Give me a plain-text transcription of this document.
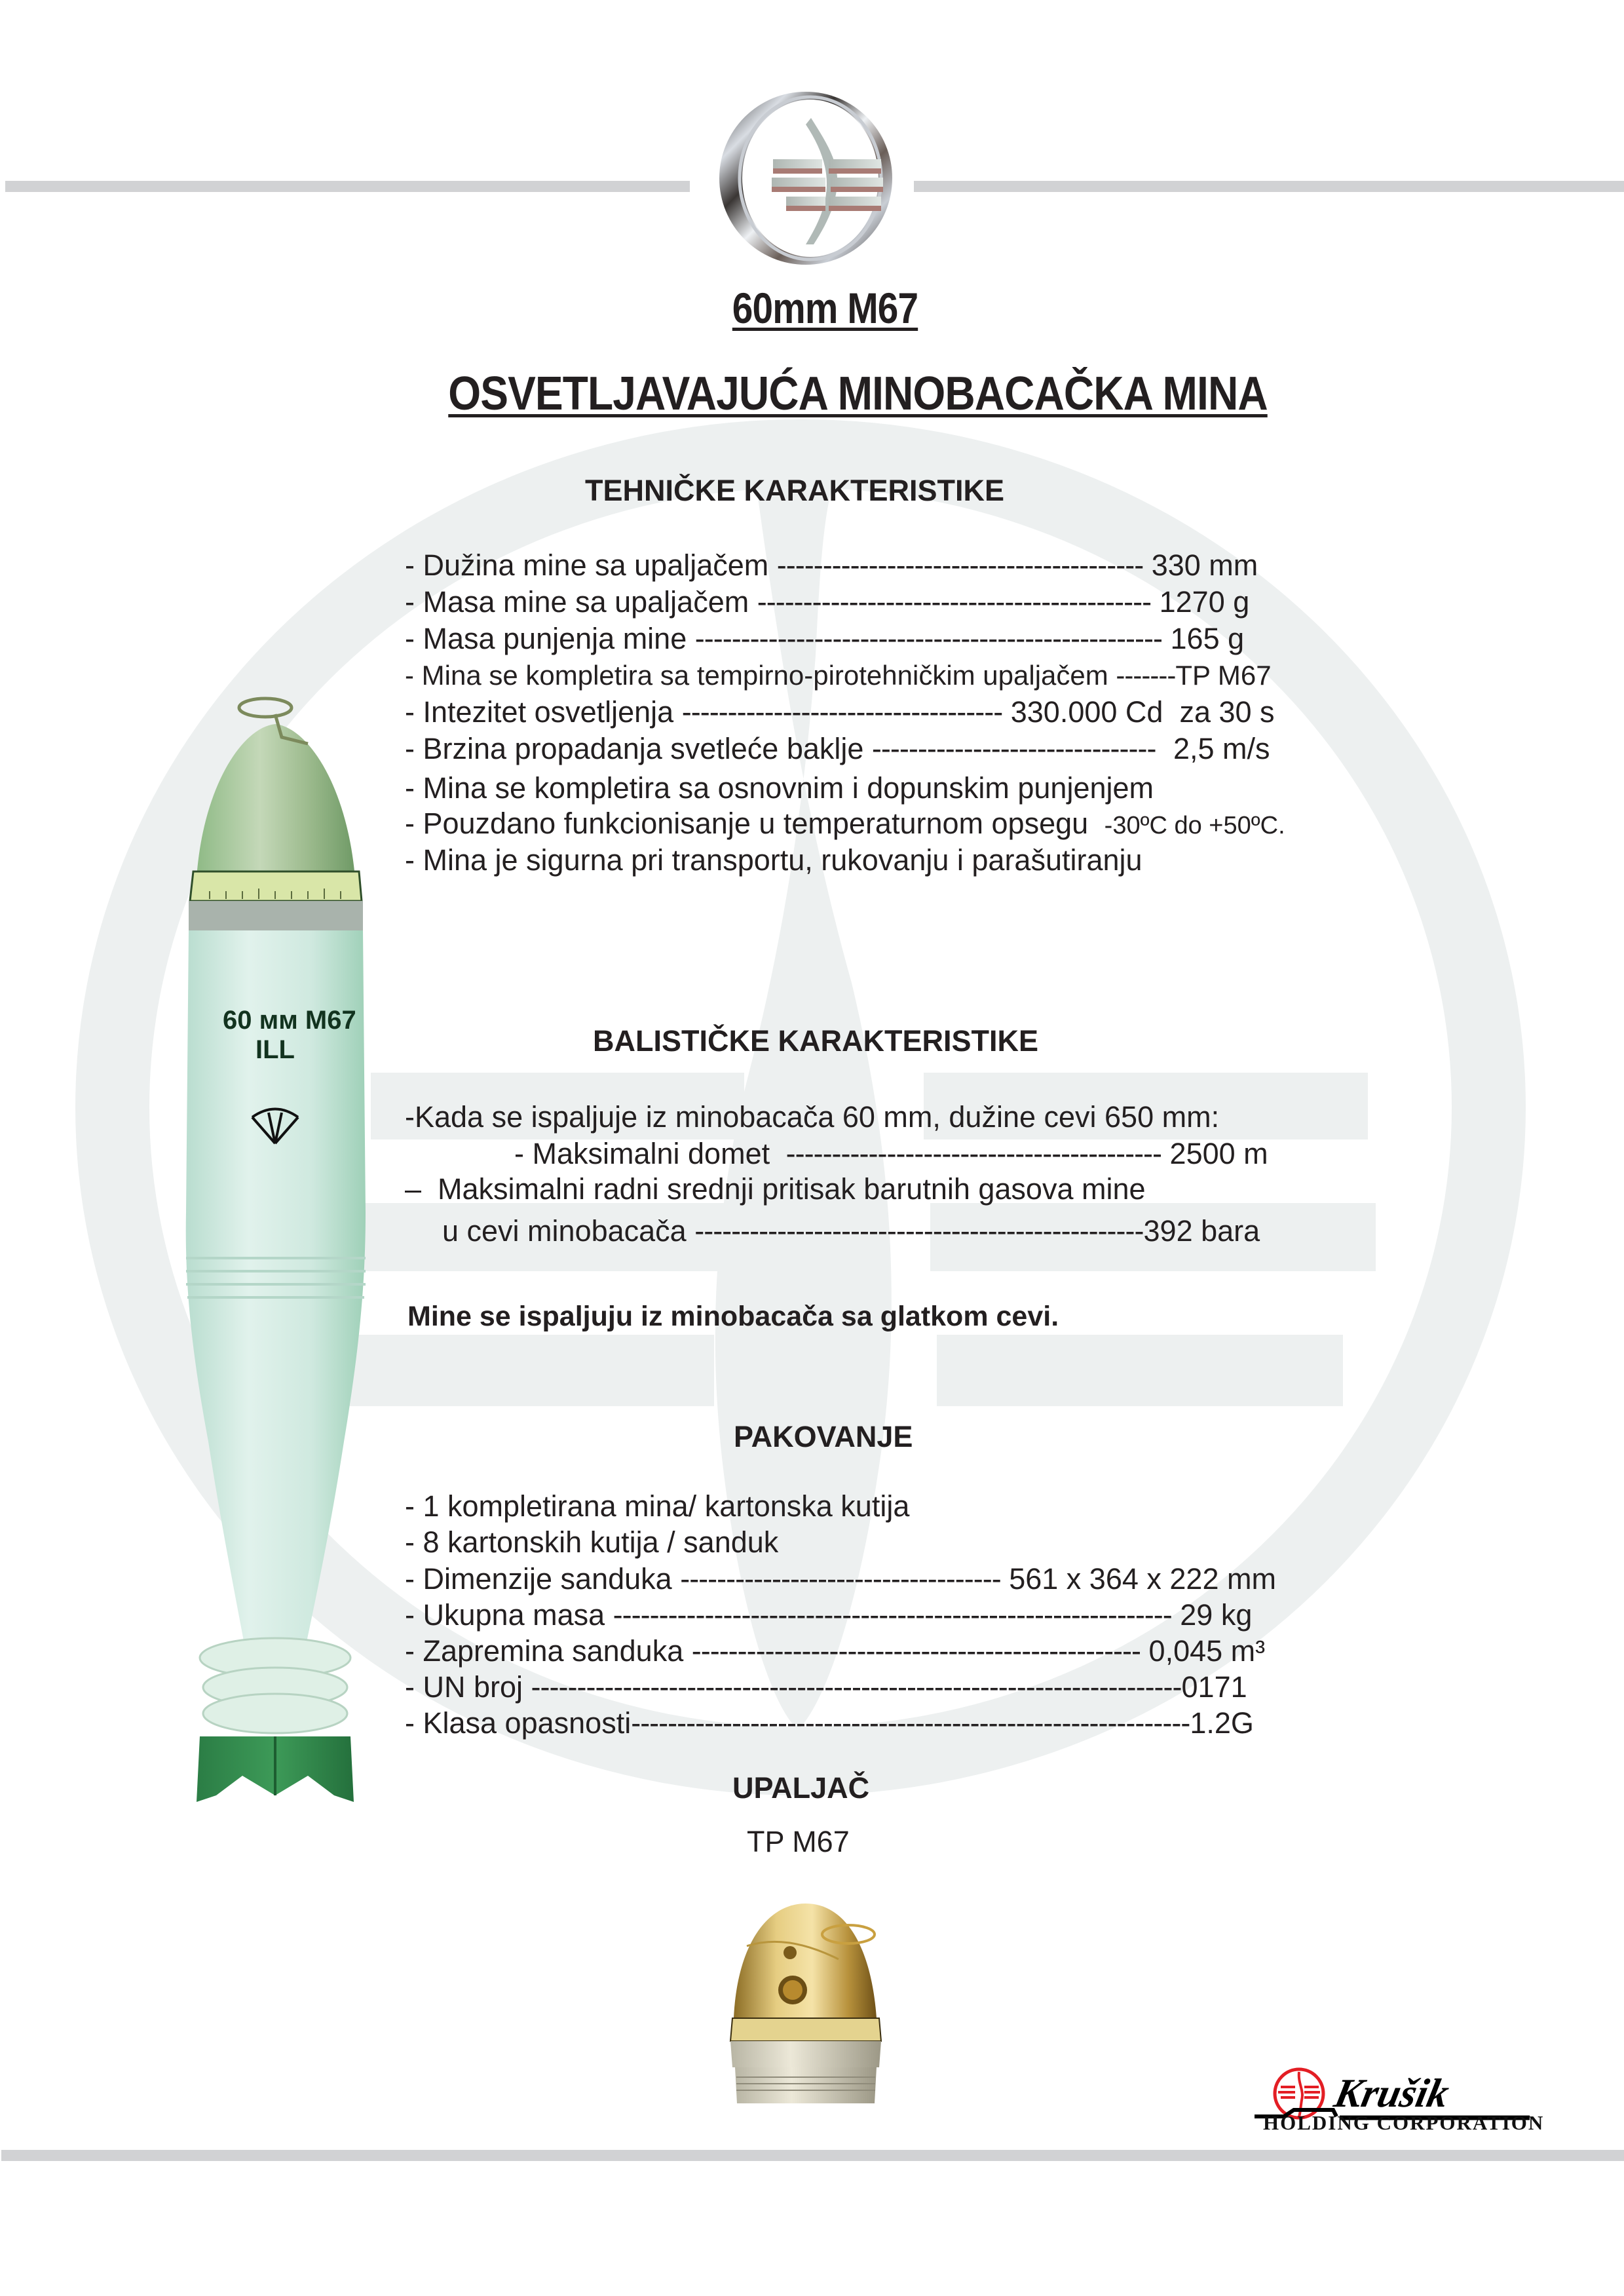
60mm M67
OSVETLJAVAJUĆA MINOBACAČKA MINA
TEHNIČKE KARAKTERISTIKE
- Dužina mine sa upaljačem ---------------------------------------- 330 mm
- Masa mine sa upaljačem ------------------------------------------- 1270 g
- Masa punjenja mine --------------------------------------------------- 165 g
- Mina se kompletira sa tempirno-pirotehničkim upaljačem -------TP M67
- Intezitet osvetljenja ----------------------------------- 330.000 Cd  za 30 s
- Brzina propadanja svetleće baklje ------------------------------- 2,5 m/s
- Mina se kompletira sa osnovnim i dopunskim punjenjem
- Pouzdano funkcionisanje u temperaturnom opsegu -30ºC do +50ºC.
- Mina je sigurna pri transportu, rukovanju i parašutiranju
BALISTIČKE KARAKTERISTIKE
-Kada se ispaljuje iz minobacača 60 mm, dužine cevi 650 mm:
- Maksimalni domet ----------------------------------------- 2500 m
–  Maksimalni radni srednji pritisak barutnih gasova mine
u cevi minobacača -------------------------------------------------392 bara
Mine se ispaljuju iz minobacača sa glatkom cevi.
PAKOVANJE
- 1 kompletirana mina/ kartonska kutija
- 8 kartonskih kutija / sanduk
- Dimenzije sanduka ----------------------------------- 561 x 364 x 222 mm
- Ukupna masa ------------------------------------------------------------- 29 kg
- Zapremina sanduka ------------------------------------------------- 0,045 m³
- UN broj -----------------------------------------------------------------------0171
- Klasa opasnosti-------------------------------------------------------------1.2G
UPALJAČ
TP M67
60 мм M67
ILL
Krušik
HOLDING CORPORATION
